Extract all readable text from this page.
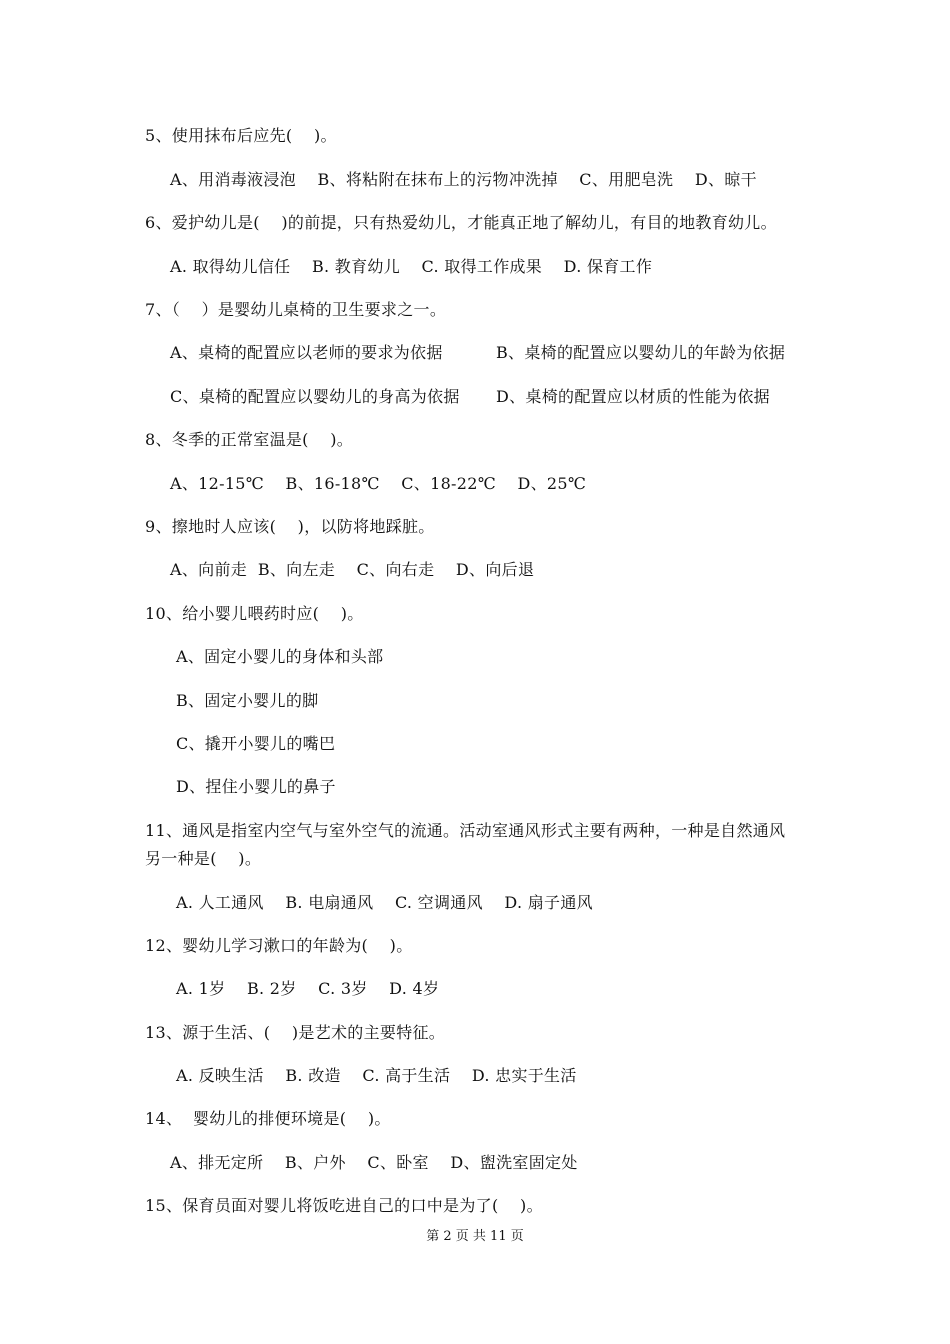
5、使用抹布后应先(    )。
A、用消毒液浸泡    B、将粘附在抹布上的污物冲洗掉    C、用肥皂洗    D、晾干
6、爱护幼儿是(    )的前提，只有热爱幼儿，才能真正地了解幼儿，有目的地教育幼儿。
A. 取得幼儿信任    B. 教育幼儿    C. 取得工作成果    D. 保育工作
7、（    ）是婴幼儿桌椅的卫生要求之一。
A、桌椅的配置应以老师的要求为依据	B、桌椅的配置应以婴幼儿的年龄为依据
C、桌椅的配置应以婴幼儿的身高为依据 D、桌椅的配置应以材质的性能为依据
8、冬季的正常室温是(    )。
A、12-15℃    B、16-18℃    C、18-22℃    D、25℃
9、擦地时人应该(    )，以防将地踩脏。
A、向前走  B、向左走    C、向右走    D、向后退
10、给小婴儿喂药时应(    )。
A、固定小婴儿的身体和头部
B、固定小婴儿的脚
C、撬开小婴儿的嘴巴
D、捏住小婴儿的鼻子
11、通风是指室内空气与室外空气的流通。活动室通风形式主要有两种，一种是自然通风
另一种是(    )。
A. 人工通风    B. 电扇通风    C. 空调通风    D. 扇子通风
12、婴幼儿学习漱口的年龄为(    )。
A. 1岁    B. 2岁    C. 3岁    D. 4岁
13、源于生活、(    )是艺术的主要特征。
A. 反映生活    B. 改造    C. 高于生活    D. 忠实于生活
14、  婴幼儿的排便环境是(    )。
A、排无定所    B、户外    C、卧室    D、盥洗室固定处
15、保育员面对婴儿将饭吃进自己的口中是为了(    )。
第 2 页 共 11 页
